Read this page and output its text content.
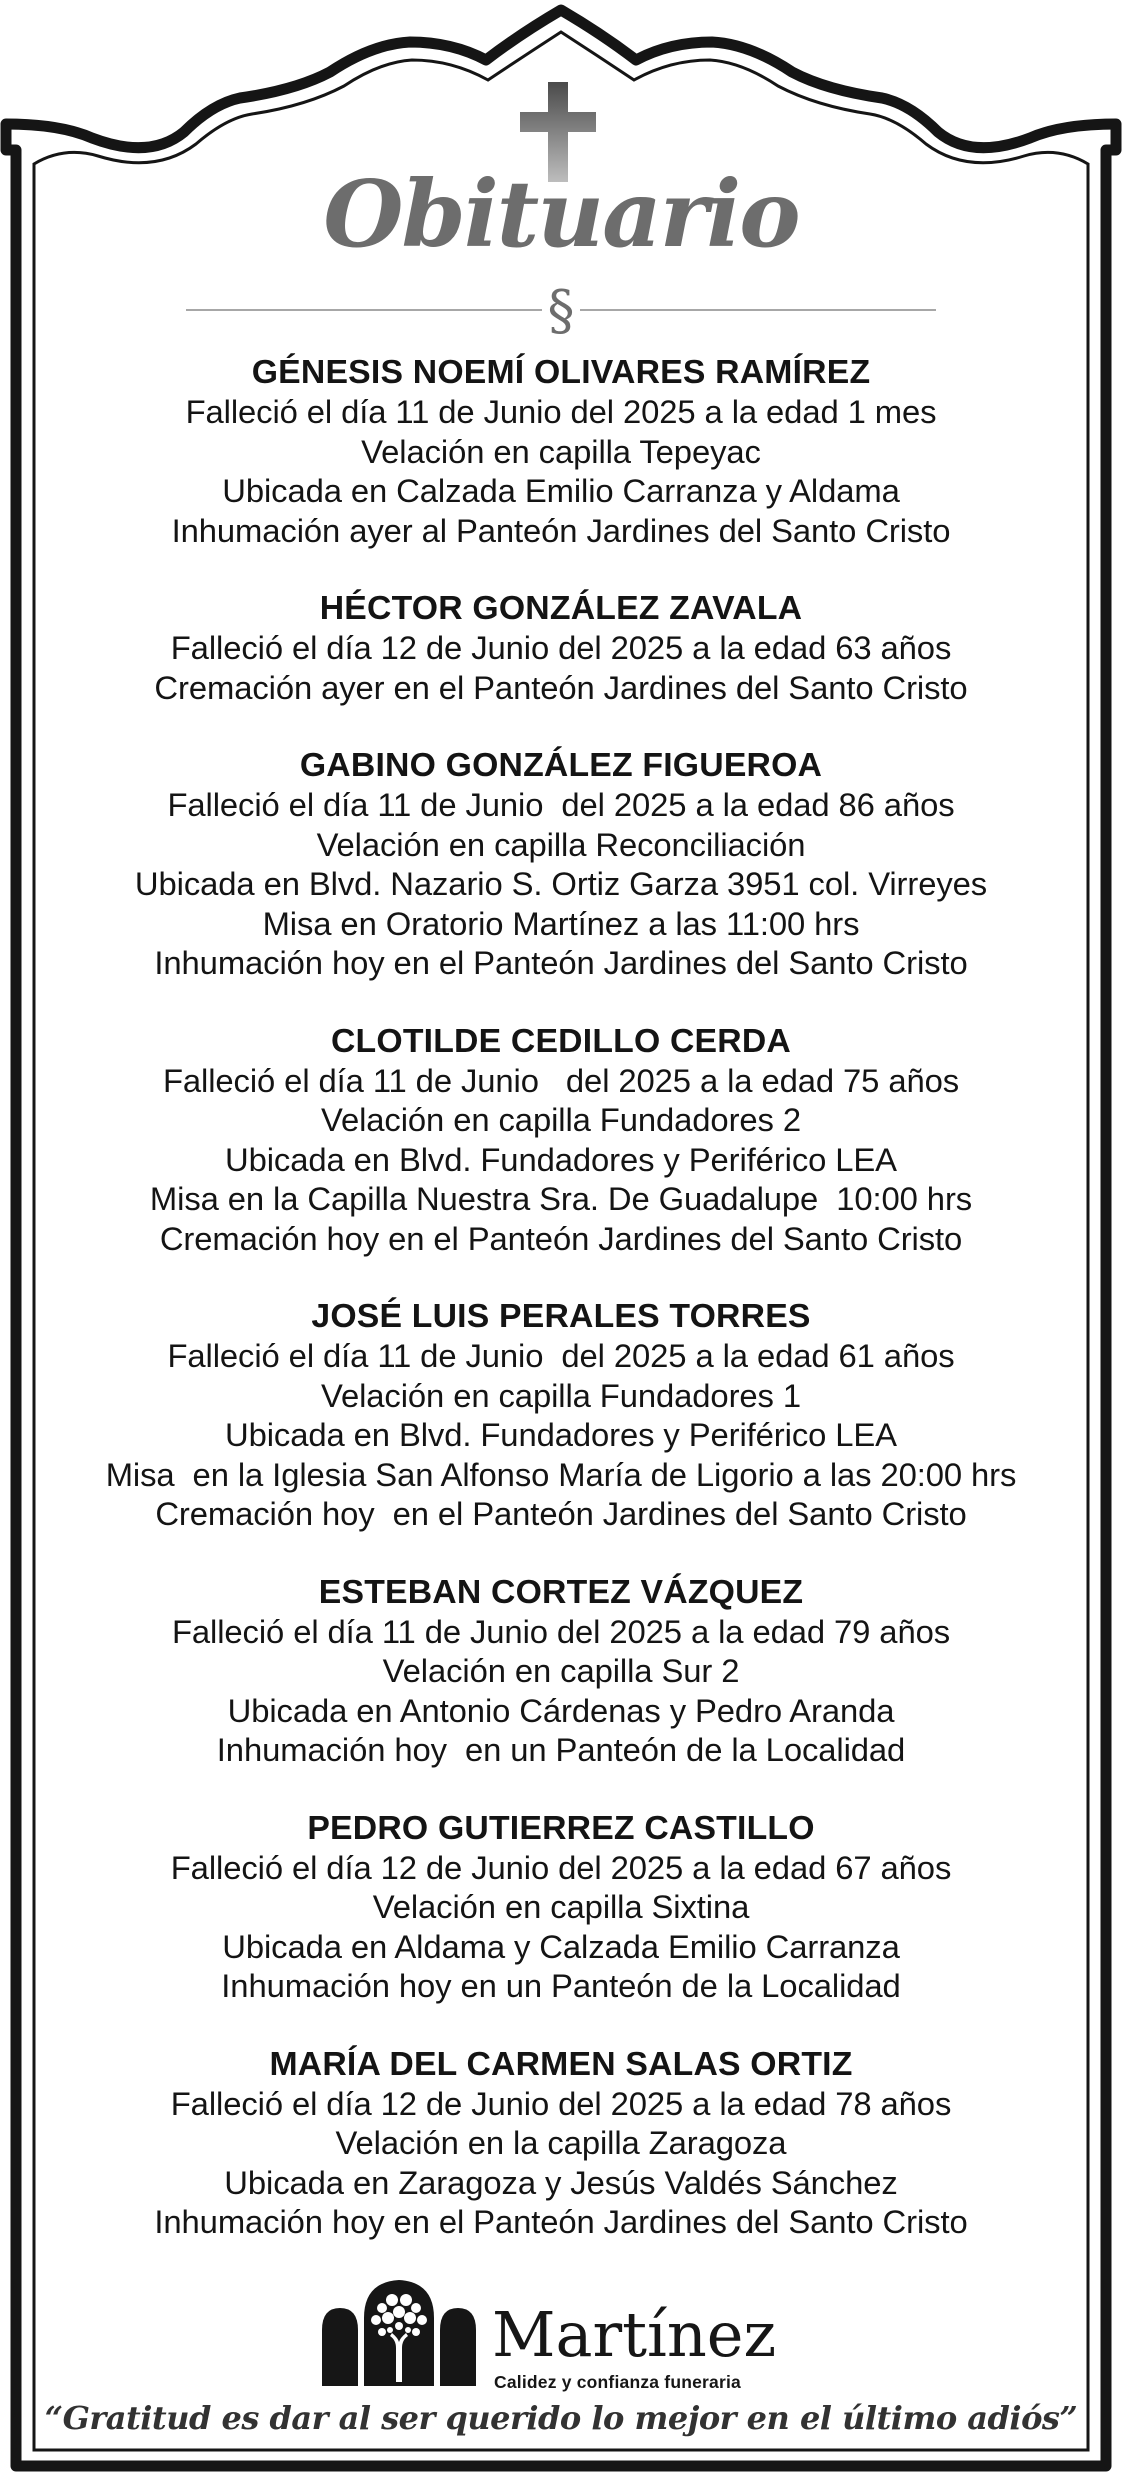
Obituario
§
GÉNESIS NOEMÍ OLIVARES RAMÍREZ
Falleció el día 11 de Junio del 2025 a la edad 1 mes
Velación en capilla Tepeyac
Ubicada en Calzada Emilio Carranza y Aldama
Inhumación ayer al Panteón Jardines del Santo Cristo
HÉCTOR GONZÁLEZ ZAVALA
Falleció el día 12 de Junio del 2025 a la edad 63 años
Cremación ayer en el Panteón Jardines del Santo Cristo
GABINO GONZÁLEZ FIGUEROA
Falleció el día 11 de Junio  del 2025 a la edad 86 años
Velación en capilla Reconciliación
Ubicada en Blvd. Nazario S. Ortiz Garza 3951 col. Virreyes
Misa en Oratorio Martínez a las 11:00 hrs
Inhumación hoy en el Panteón Jardines del Santo Cristo
CLOTILDE CEDILLO CERDA
Falleció el día 11 de Junio   del 2025 a la edad 75 años
Velación en capilla Fundadores 2
Ubicada en Blvd. Fundadores y Periférico LEA
Misa en la Capilla Nuestra Sra. De Guadalupe  10:00 hrs
Cremación hoy en el Panteón Jardines del Santo Cristo
JOSÉ LUIS PERALES TORRES
Falleció el día 11 de Junio  del 2025 a la edad 61 años
Velación en capilla Fundadores 1
Ubicada en Blvd. Fundadores y Periférico LEA
Misa  en la Iglesia San Alfonso María de Ligorio a las 20:00 hrs
Cremación hoy  en el Panteón Jardines del Santo Cristo
ESTEBAN CORTEZ VÁZQUEZ
Falleció el día 11 de Junio del 2025 a la edad 79 años
Velación en capilla Sur 2
Ubicada en Antonio Cárdenas y Pedro Aranda
Inhumación hoy  en un Panteón de la Localidad
PEDRO GUTIERREZ CASTILLO
Falleció el día 12 de Junio del 2025 a la edad 67 años
Velación en capilla Sixtina
Ubicada en Aldama y Calzada Emilio Carranza
Inhumación hoy en un Panteón de la Localidad
MARÍA DEL CARMEN SALAS ORTIZ
Falleció el día 12 de Junio del 2025 a la edad 78 años
Velación en la capilla Zaragoza
Ubicada en Zaragoza y Jesús Valdés Sánchez
Inhumación hoy en el Panteón Jardines del Santo Cristo
Martínez
Calidez y confianza funeraria
“Gratitud es dar al ser querido lo mejor en el último adiós”
